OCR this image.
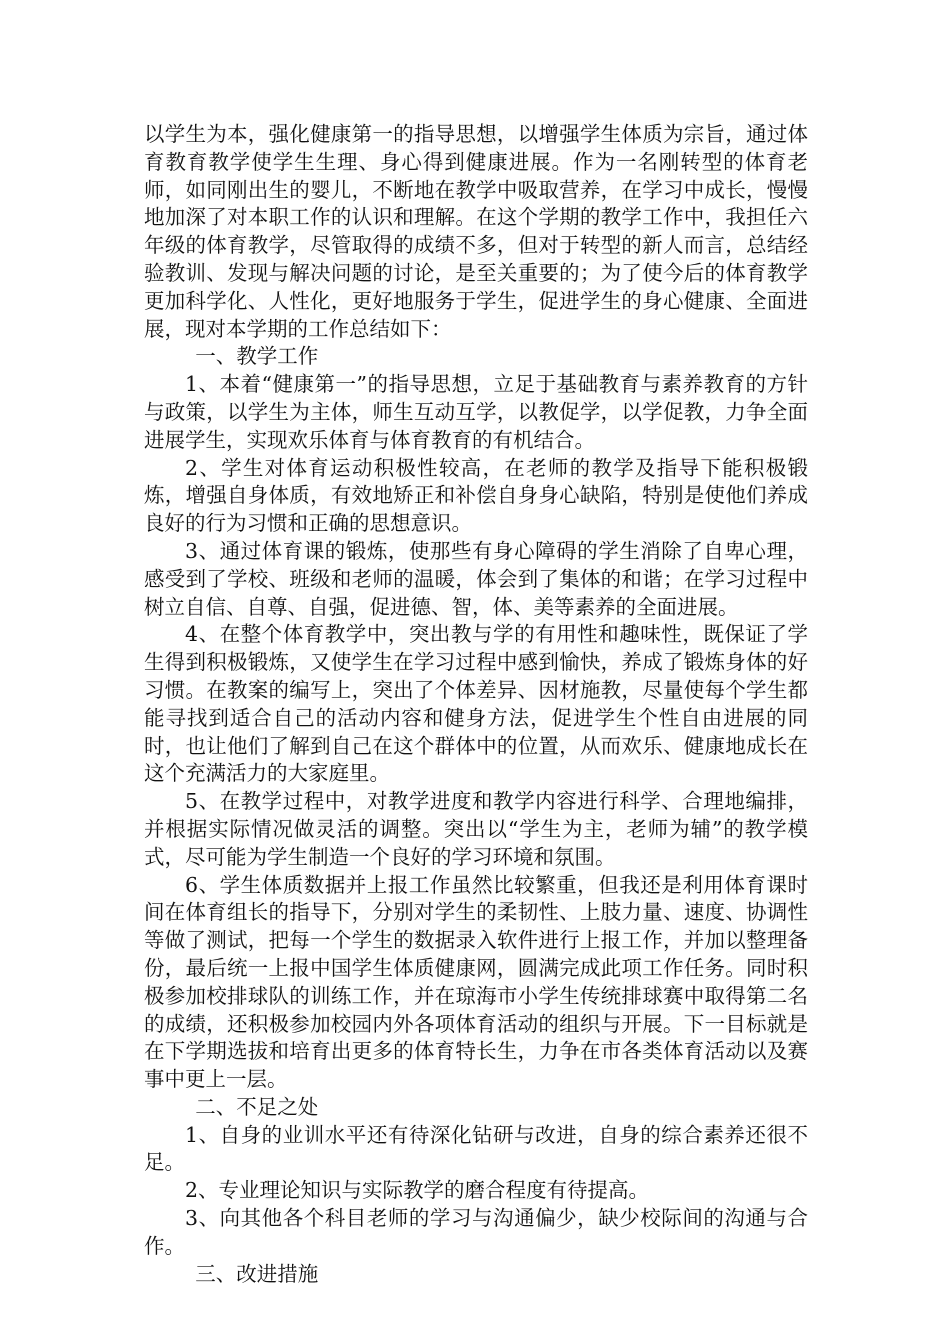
以学生为本，强化健康第一的指导思想，以增强学生体质为宗旨，通过体育教育教学使学生生理、身心得到健康进展。作为一名刚转型的体育老师，如同刚出生的婴儿，不断地在教学中吸取营养，在学习中成长，慢慢地加深了对本职工作的认识和理解。在这个学期的教学工作中，我担任六年级的体育教学，尽管取得的成绩不多，但对于转型的新人而言，总结经验教训、发现与解决问题的讨论，是至关重要的；为了使今后的体育教学更加科学化、人性化，更好地服务于学生，促进学生的身心健康、全面进展，现对本学期的工作总结如下：

一、教学工作

1、本着“健康第一”的指导思想，立足于基础教育与素养教育的方针与政策，以学生为主体，师生互动互学，以教促学，以学促教，力争全面进展学生，实现欢乐体育与体育教育的有机结合。

2、学生对体育运动积极性较高，在老师的教学及指导下能积极锻炼，增强自身体质，有效地矫正和补偿自身身心缺陷，特别是使他们养成良好的行为习惯和正确的思想意识。

3、通过体育课的锻炼，使那些有身心障碍的学生消除了自卑心理，感受到了学校、班级和老师的温暖，体会到了集体的和谐；在学习过程中树立自信、自尊、自强，促进德、智，体、美等素养的全面进展。

4、在整个体育教学中，突出教与学的有用性和趣味性，既保证了学生得到积极锻炼，又使学生在学习过程中感到愉快，养成了锻炼身体的好习惯。在教案的编写上，突出了个体差异、因材施教，尽量使每个学生都能寻找到适合自己的活动内容和健身方法，促进学生个性自由进展的同时，也让他们了解到自己在这个群体中的位置，从而欢乐、健康地成长在这个充满活力的大家庭里。

5、在教学过程中，对教学进度和教学内容进行科学、合理地编排，并根据实际情况做灵活的调整。突出以“学生为主，老师为辅”的教学模式，尽可能为学生制造一个良好的学习环境和氛围。

6、学生体质数据并上报工作虽然比较繁重，但我还是利用体育课时间在体育组长的指导下，分别对学生的柔韧性、上肢力量、速度、协调性等做了测试，把每一个学生的数据录入软件进行上报工作，并加以整理备份，最后统一上报中国学生体质健康网，圆满完成此项工作任务。同时积极参加校排球队的训练工作，并在琼海市小学生传统排球赛中取得第二名的成绩，还积极参加校园内外各项体育活动的组织与开展。下一目标就是在下学期选拔和培育出更多的体育特长生，力争在市各类体育活动以及赛事中更上一层。

二、不足之处

1、自身的业训水平还有待深化钻研与改进，自身的综合素养还很不足。

2、专业理论知识与实际教学的磨合程度有待提高。

3、向其他各个科目老师的学习与沟通偏少，缺少校际间的沟通与合作。

三、改进措施
